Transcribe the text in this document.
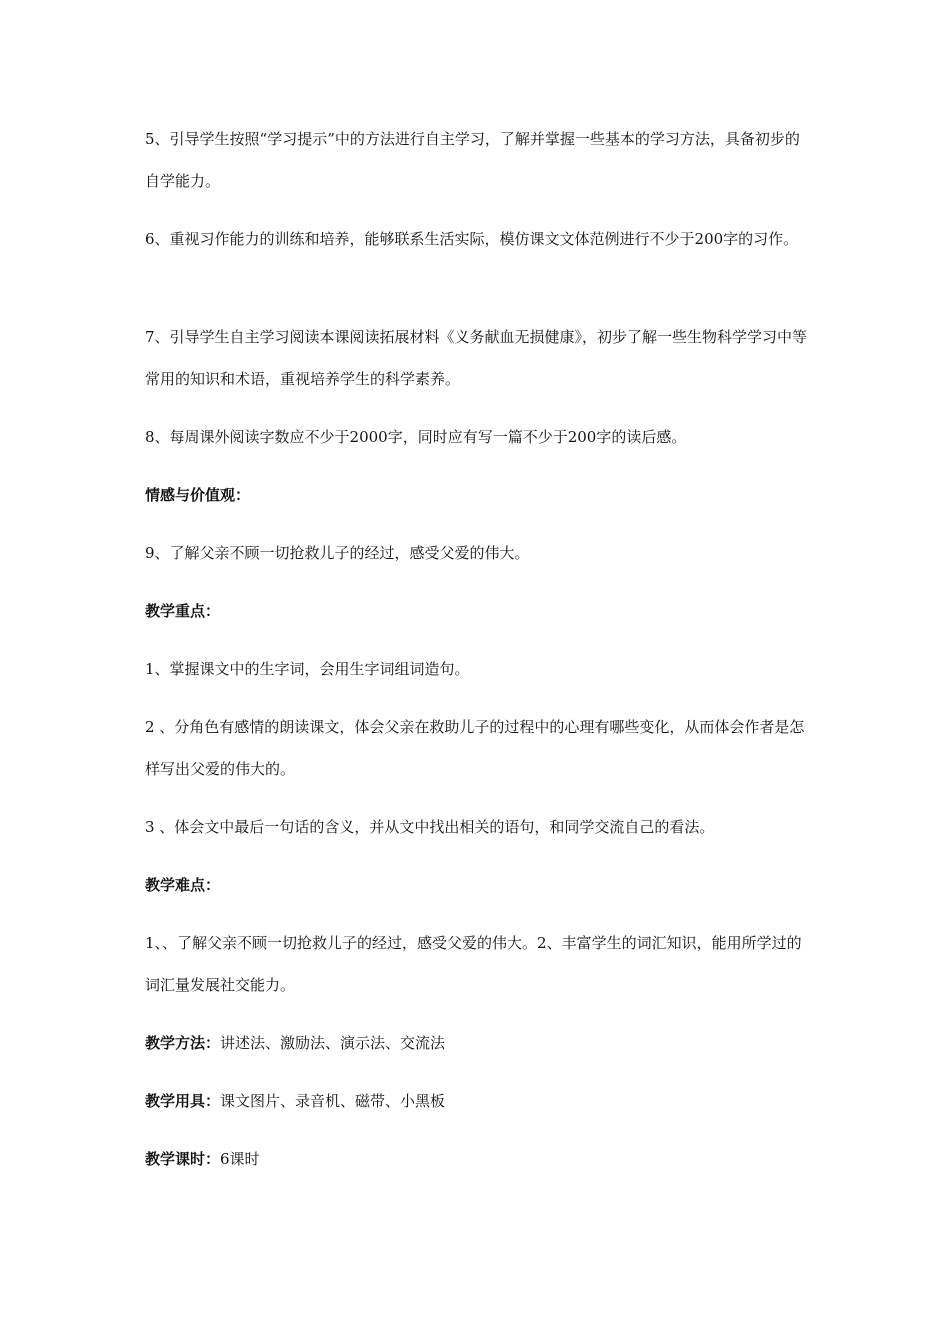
5、引导学生按照“学习提示”中的方法进行自主学习，了解并掌握一些基本的学习方法，具备初步的自学能力。

6、重视习作能力的训练和培养，能够联系生活实际，模仿课文文体范例进行不少于200字的习作。

7、引导学生自主学习阅读本课阅读拓展材料《义务献血无损健康》，初步了解一些生物科学学习中等常用的知识和术语，重视培养学生的科学素养。

8、每周课外阅读字数应不少于2000字，同时应有写一篇不少于200字的读后感。

情感与价值观：

9、了解父亲不顾一切抢救儿子的经过，感受父爱的伟大。

教学重点：

1、掌握课文中的生字词，会用生字词组词造句。

2 、分角色有感情的朗读课文，体会父亲在救助儿子的过程中的心理有哪些变化，从而体会作者是怎样写出父爱的伟大的。

3 、体会文中最后一句话的含义，并从文中找出相关的语句，和同学交流自己的看法。

教学难点：

1、、了解父亲不顾一切抢救儿子的经过，感受父爱的伟大。2、丰富学生的词汇知识，能用所学过的词汇量发展社交能力。

教学方法：讲述法、激励法、演示法、交流法

教学用具：课文图片、录音机、磁带、小黑板

教学课时：6课时
